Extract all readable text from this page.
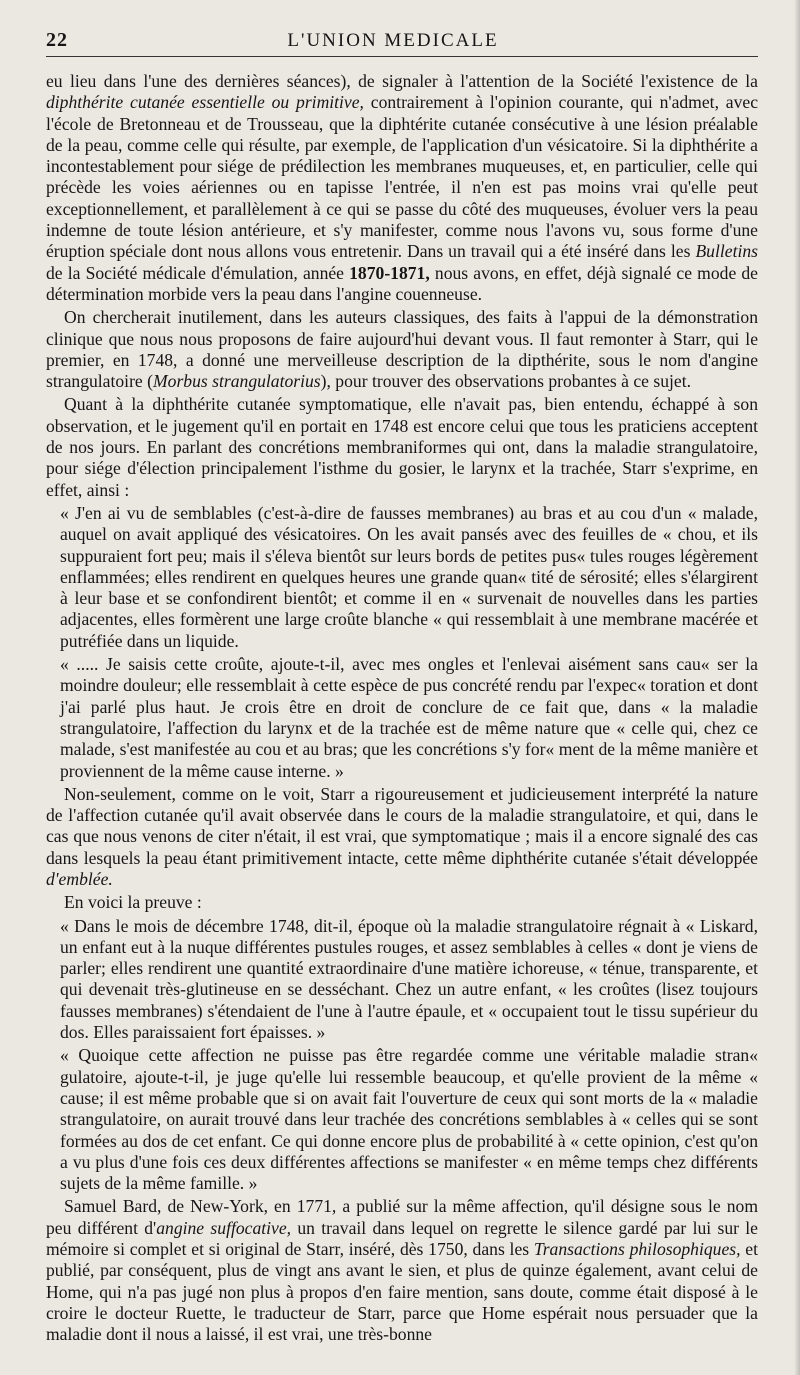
22	L'UNION MEDICALE

eu lieu dans l'une des dernières séances), de signaler à l'attention de la Société l'existence de la diphthérite cutanée essentielle ou primitive, contrairement à l'opinion courante, qui n'admet, avec l'école de Bretonneau et de Trousseau, que la diphtérite cutanée consécutive à une lésion préalable de la peau, comme celle qui résulte, par exemple, de l'application d'un vésicatoire. Si la diphthérite a incontestablement pour siége de prédilection les membranes muqueuses, et, en particulier, celle qui précède les voies aériennes ou en tapisse l'entrée, il n'en est pas moins vrai qu'elle peut exceptionnellement, et parallèlement à ce qui se passe du côté des muqueuses, évoluer vers la peau indemne de toute lésion antérieure, et s'y manifester, comme nous l'avons vu, sous forme d'une éruption spéciale dont nous allons vous entretenir. Dans un travail qui a été inséré dans les Bulletins de la Société médicale d'émulation, année 1870-1871, nous avons, en effet, déjà signalé ce mode de détermination morbide vers la peau dans l'angine couenneuse.

On chercherait inutilement, dans les auteurs classiques, des faits à l'appui de la démonstration clinique que nous nous proposons de faire aujourd'hui devant vous. Il faut remonter à Starr, qui le premier, en 1748, a donné une merveilleuse description de la dipthérite, sous le nom d'angine strangulatoire (Morbus strangulatorius), pour trouver des observations probantes à ce sujet.

Quant à la diphthérite cutanée symptomatique, elle n'avait pas, bien entendu, échappé à son observation, et le jugement qu'il en portait en 1748 est encore celui que tous les praticiens acceptent de nos jours. En parlant des concrétions membraniformes qui ont, dans la maladie strangulatoire, pour siége d'élection principalement l'isthme du gosier, le larynx et la trachée, Starr s'exprime, en effet, ainsi :

« J'en ai vu de semblables (c'est-à-dire de fausses membranes) au bras et au cou d'un « malade, auquel on avait appliqué des vésicatoires. On les avait pansés avec des feuilles de « chou, et ils suppuraient fort peu; mais il s'éleva bientôt sur leurs bords de petites pus« tules rouges légèrement enflammées; elles rendirent en quelques heures une grande quan« tité de sérosité; elles s'élargirent à leur base et se confondirent bientôt; et comme il en « survenait de nouvelles dans les parties adjacentes, elles formèrent une large croûte blanche « qui ressemblait à une membrane macérée et putréfiée dans un liquide.

« ..... Je saisis cette croûte, ajoute-t-il, avec mes ongles et l'enlevai aisément sans cau« ser la moindre douleur; elle ressemblait à cette espèce de pus concrété rendu par l'expec« toration et dont j'ai parlé plus haut. Je crois être en droit de conclure de ce fait que, dans « la maladie strangulatoire, l'affection du larynx et de la trachée est de même nature que « celle qui, chez ce malade, s'est manifestée au cou et au bras; que les concrétions s'y for« ment de la même manière et proviennent de la même cause interne. »

Non-seulement, comme on le voit, Starr a rigoureusement et judicieusement interprété la nature de l'affection cutanée qu'il avait observée dans le cours de la maladie strangulatoire, et qui, dans le cas que nous venons de citer n'était, il est vrai, que symptomatique ; mais il a encore signalé des cas dans lesquels la peau étant primitivement intacte, cette même diphthérite cutanée s'était développée d'emblée.

En voici la preuve :

« Dans le mois de décembre 1748, dit-il, époque où la maladie strangulatoire régnait à « Liskard, un enfant eut à la nuque différentes pustules rouges, et assez semblables à celles « dont je viens de parler; elles rendirent une quantité extraordinaire d'une matière ichoreuse, « ténue, transparente, et qui devenait très-glutineuse en se desséchant. Chez un autre enfant, « les croûtes (lisez toujours fausses membranes) s'étendaient de l'une à l'autre épaule, et « occupaient tout le tissu supérieur du dos. Elles paraissaient fort épaisses. »

« Quoique cette affection ne puisse pas être regardée comme une véritable maladie stran« gulatoire, ajoute-t-il, je juge qu'elle lui ressemble beaucoup, et qu'elle provient de la même « cause; il est même probable que si on avait fait l'ouverture de ceux qui sont morts de la « maladie strangulatoire, on aurait trouvé dans leur trachée des concrétions semblables à « celles qui se sont formées au dos de cet enfant. Ce qui donne encore plus de probabilité à « cette opinion, c'est qu'on a vu plus d'une fois ces deux différentes affections se manifester « en même temps chez différents sujets de la même famille. »

Samuel Bard, de New-York, en 1771, a publié sur la même affection, qu'il désigne sous le nom peu différent d'angine suffocative, un travail dans lequel on regrette le silence gardé par lui sur le mémoire si complet et si original de Starr, inséré, dès 1750, dans les Transactions philosophiques, et publié, par conséquent, plus de vingt ans avant le sien, et plus de quinze également, avant celui de Home, qui n'a pas jugé non plus à propos d'en faire mention, sans doute, comme était disposé à le croire le docteur Ruette, le traducteur de Starr, parce que Home espérait nous persuader que la maladie dont il nous a laissé, il est vrai, une très-bonne
